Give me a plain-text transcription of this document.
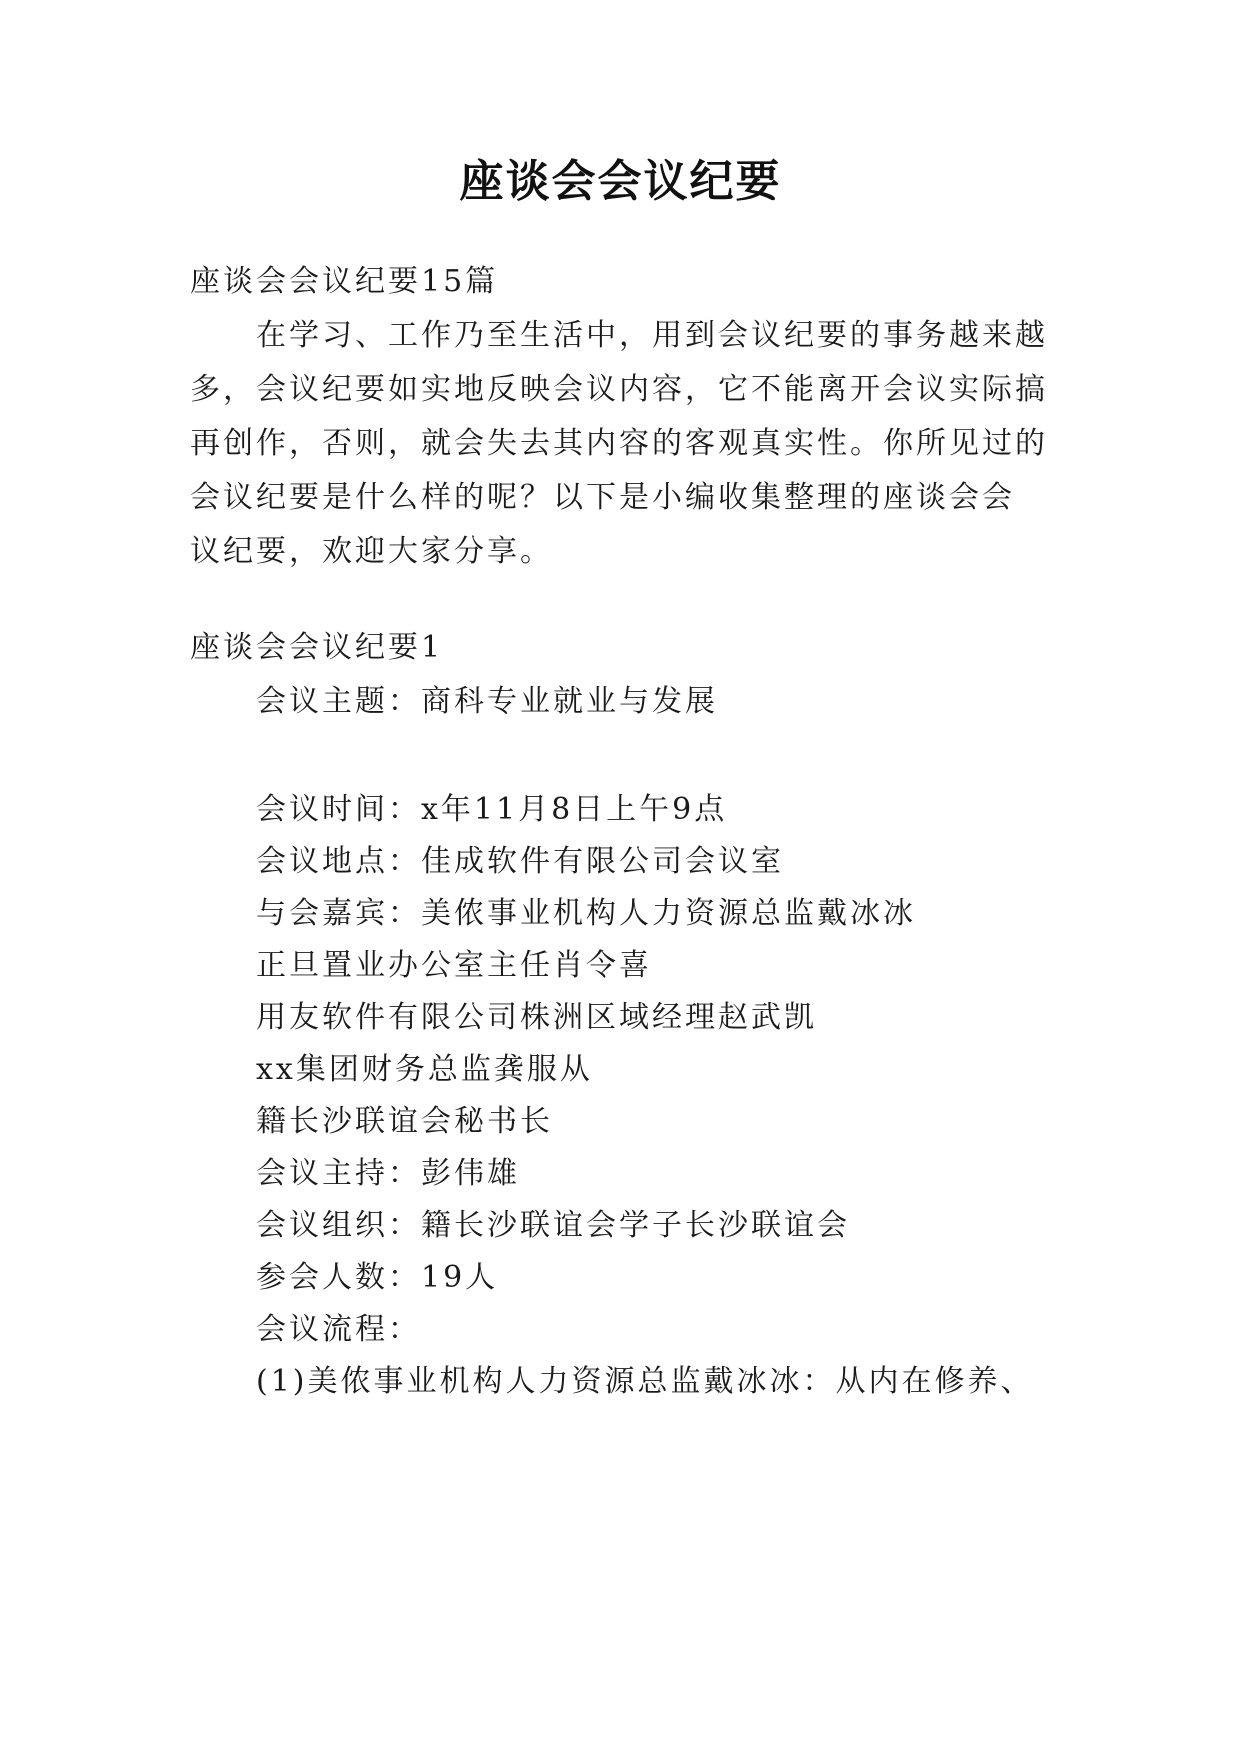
座谈会会议纪要
座谈会会议纪要15篇
在学习、工作乃至生活中，用到会议纪要的事务越来越
多，会议纪要如实地反映会议内容，它不能离开会议实际搞
再创作，否则，就会失去其内容的客观真实性。你所见过的
会议纪要是什么样的呢？以下是小编收集整理的座谈会会
议纪要，欢迎大家分享。
座谈会会议纪要1
会议主题：商科专业就业与发展
会议时间：x年11月8日上午9点
会议地点：佳成软件有限公司会议室
与会嘉宾：美侬事业机构人力资源总监戴冰冰
正旦置业办公室主任肖令喜
用友软件有限公司株洲区域经理赵武凯
xx集团财务总监龚服从
籍长沙联谊会秘书长
会议主持：彭伟雄
会议组织：籍长沙联谊会学子长沙联谊会
参会人数：19人
会议流程：
(1)美侬事业机构人力资源总监戴冰冰：从内在修养、
